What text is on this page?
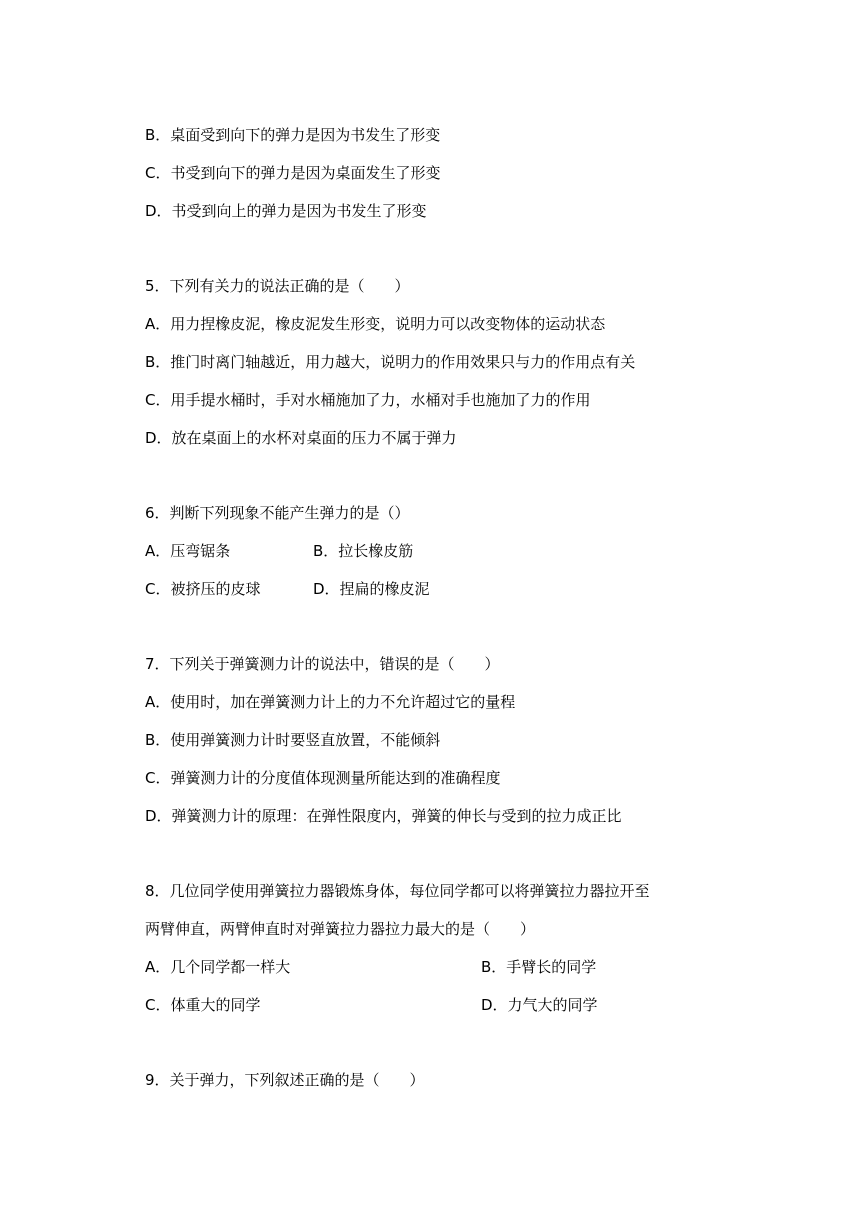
B．桌面受到向下的弹力是因为书发生了形变
C．书受到向下的弹力是因为桌面发生了形变
D．书受到向上的弹力是因为书发生了形变
5．下列有关力的说法正确的是（　　）
A．用力捏橡皮泥，橡皮泥发生形变，说明力可以改变物体的运动状态
B．推门时离门轴越近，用力越大，说明力的作用效果只与力的作用点有关
C．用手提水桶时，手对水桶施加了力，水桶对手也施加了力的作用
D．放在桌面上的水杯对桌面的压力不属于弹力
6．判断下列现象不能产生弹力的是（）
A．压弯锯条	B．拉长橡皮筋
C．被挤压的皮球	D．捏扁的橡皮泥
7．下列关于弹簧测力计的说法中，错误的是（　　）
A．使用时，加在弹簧测力计上的力不允许超过它的量程
B．使用弹簧测力计时要竖直放置，不能倾斜
C．弹簧测力计的分度值体现测量所能达到的准确程度
D．弹簧测力计的原理：在弹性限度内，弹簧的伸长与受到的拉力成正比
8．几位同学使用弹簧拉力器锻炼身体，每位同学都可以将弹簧拉力器拉开至
两臂伸直，两臂伸直时对弹簧拉力器拉力最大的是（　　）
A．几个同学都一样大	B．手臂长的同学
C．体重大的同学	D．力气大的同学
9．关于弹力，下列叙述正确的是（　　）
